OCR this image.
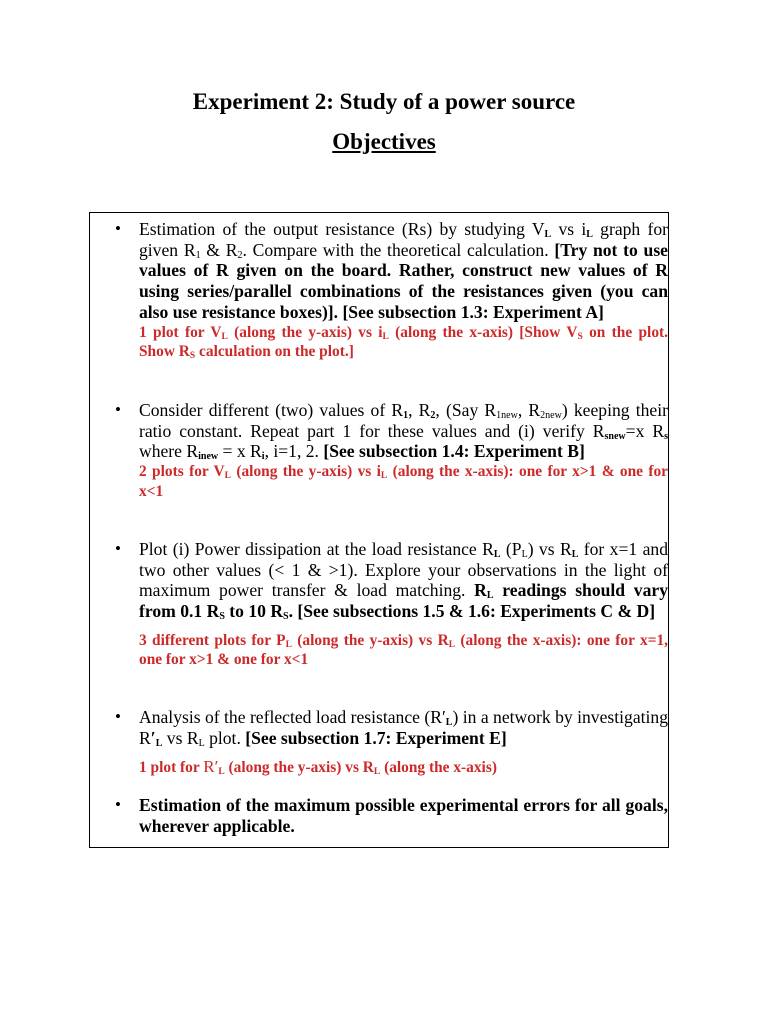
Experiment 2: Study of a power source
Objectives
• Estimation of the output resistance (Rs) by studying VL vs iL graph for given R1 & R2. Compare with the theoretical calculation. [Try not to use values of R given on the board. Rather, construct new values of R using series/parallel combinations of the resistances given (you can also use resistance boxes)]. [See subsection 1.3: Experiment A]
1 plot for VL (along the y-axis) vs iL (along the x-axis) [Show VS on the plot. Show RS calculation on the plot.]
• Consider different (two) values of R1, R2, (Say R1new, R2new) keeping their ratio constant. Repeat part 1 for these values and (i) verify Rsnew=x Rs where Rinew = x Ri, i=1, 2. [See subsection 1.4: Experiment B]
2 plots for VL (along the y-axis) vs iL (along the x-axis): one for x>1 & one for x<1
• Plot (i) Power dissipation at the load resistance RL (PL) vs RL for x=1 and two other values (< 1 & >1). Explore your observations in the light of maximum power transfer & load matching. RL readings should vary from 0.1 RS to 10 RS. [See subsections 1.5 & 1.6: Experiments C & D]
3 different plots for PL (along the y-axis) vs RL (along the x-axis): one for x=1, one for x>1 & one for x<1
• Analysis of the reflected load resistance (R′L) in a network by investigating R′L vs RL plot. [See subsection 1.7: Experiment E]
1 plot for R′L (along the y-axis) vs RL (along the x-axis)
• Estimation of the maximum possible experimental errors for all goals, wherever applicable.
